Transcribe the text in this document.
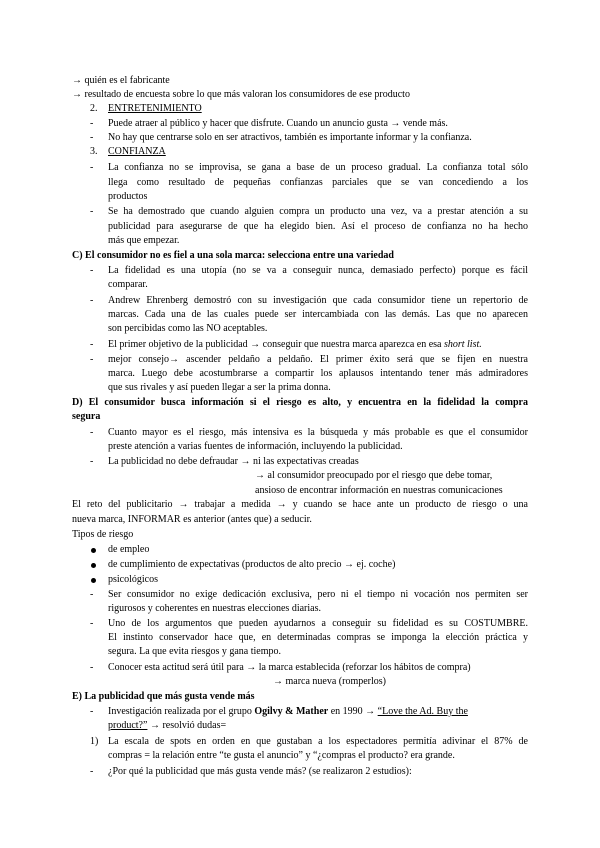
→ quién es el fabricante
→ resultado de encuesta sobre lo que más valoran los consumidores de ese producto
2. ENTRETENIMIENTO
- Puede atraer al público y hacer que disfrute. Cuando un anuncio gusta → vende más.
- No hay que centrarse solo en ser atractivos, también es importante informar y la confianza.
3. CONFIANZA
- La confianza no se improvisa, se gana a base de un proceso gradual. La confianza total sólo
llega como resultado de pequeñas confianzas parciales que se van concediendo a los
productos
- Se ha demostrado que cuando alguien compra un producto una vez, va a prestar atención a su
publicidad para asegurarse de que ha elegido bien. Así el proceso de confianza no ha hecho
más que empezar.
C) El consumidor no es fiel a una sola marca: selecciona entre una variedad
- La fidelidad es una utopía (no se va a conseguir nunca, demasiado perfecto) porque es fácil
comparar.
- Andrew Ehrenberg demostró con su investigación que cada consumidor tiene un repertorio de
marcas. Cada una de las cuales puede ser intercambiada con las demás. Las que no aparecen
son percibidas como las NO aceptables.
- El primer objetivo de la publicidad → conseguir que nuestra marca aparezca en esa short list.
- mejor consejo→ ascender peldaño a peldaño. El primer éxito será que se fijen en nuestra
marca. Luego debe acostumbrarse a compartir los aplausos intentando tener más admiradores
que sus rivales y así pueden llegar a ser la prima donna.
D) El consumidor busca información si el riesgo es alto, y encuentra en la fidelidad la compra
segura
- Cuanto mayor es el riesgo, más intensiva es la búsqueda y más probable es que el consumidor
preste atención a varias fuentes de información, incluyendo la publicidad.
- La publicidad no debe defraudar → ni las expectativas creadas
→ al consumidor preocupado por el riesgo que debe tomar,
ansioso de encontrar información en nuestras comunicaciones
El reto del publicitario → trabajar a medida → y cuando se hace ante un producto de riesgo o una
nueva marca, INFORMAR es anterior (antes que) a seducir.
Tipos de riesgo
de empleo
de cumplimiento de expectativas (productos de alto precio → ej. coche)
psicológicos
- Ser consumidor no exige dedicación exclusiva, pero ni el tiempo ni vocación nos permiten ser
rigurosos y coherentes en nuestras elecciones diarias.
- Uno de los argumentos que pueden ayudarnos a conseguir su fidelidad es su COSTUMBRE.
El instinto conservador hace que, en determinadas compras se imponga la elección práctica y
segura. La que evita riesgos y gana tiempo.
- Conocer esta actitud será útil para → la marca establecida (reforzar los hábitos de compra)
→ marca nueva (romperlos)
E) La publicidad que más gusta vende más
- Investigación realizada por el grupo Ogilvy & Mather en 1990 → “Love the Ad. Buy the
product?” → resolvió dudas=
1) La escala de spots en orden en que gustaban a los espectadores permitía adivinar el 87% de
compras = la relación entre “te gusta el anuncio” y “¿compras el producto? era grande.
- ¿Por qué la publicidad que más gusta vende más? (se realizaron 2 estudios):
